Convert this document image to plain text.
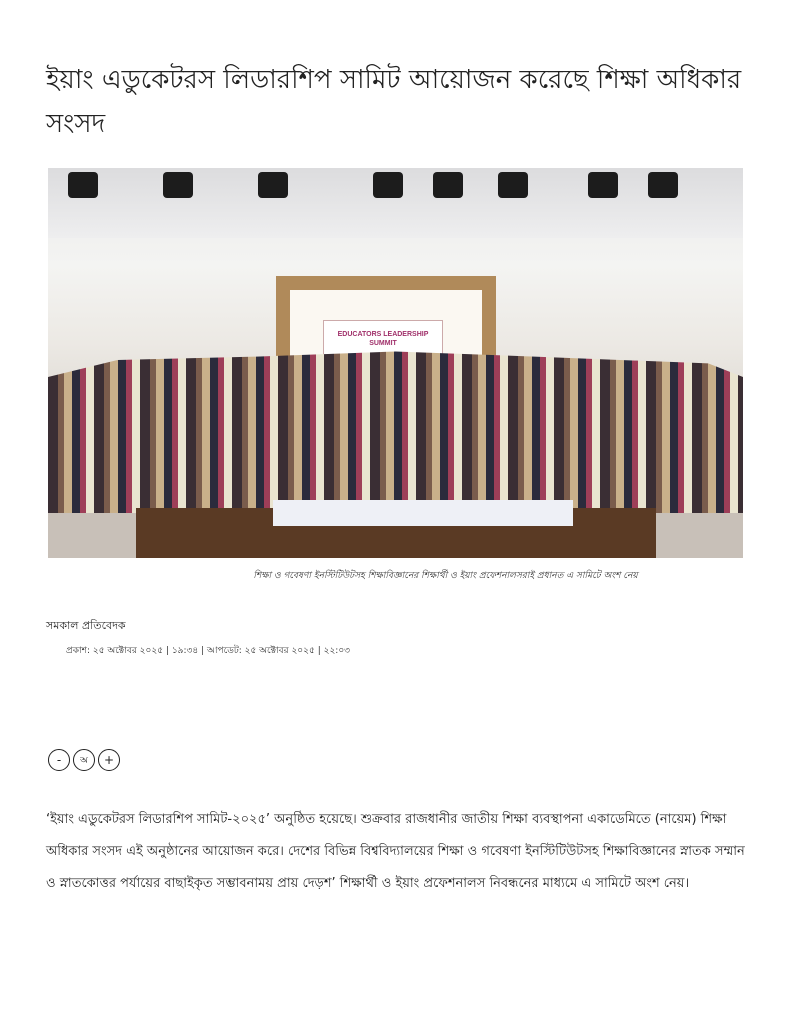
ইয়াং এডুকেটরস লিডারশিপ সামিট আয়োজন করেছে শিক্ষা অধিকার সংসদ
EDUCATORS LEADERSHIP SUMMIT
শিক্ষা ও গবেষণা ইনস্টিটিউটসহ শিক্ষাবিজ্ঞানের শিক্ষার্থী ও ইয়াং প্রফেশনালসরাই প্রধানত এ সামিটে অংশ নেয়
সমকাল প্রতিবেদক
প্রকাশ: ২৫ অক্টোবর ২০২৫ | ১৯:৩৪ | আপডেট: ২৫ অক্টোবর ২০২৫ | ২২:০৩
-	অ	+

‘ইয়াং এডুকেটরস লিডারশিপ সামিট-২০২৫’ অনুষ্ঠিত হয়েছে। শুক্রবার রাজধানীর জাতীয় শিক্ষা ব্যবস্থাপনা একাডেমিতে (নায়েম) শিক্ষা অধিকার সংসদ এই অনুষ্ঠানের আয়োজন করে। দেশের বিভিন্ন বিশ্ববিদ্যালয়ের শিক্ষা ও গবেষণা ইনস্টিটিউটসহ শিক্ষাবিজ্ঞানের স্নাতক সম্মান ও স্নাতকোত্তর পর্যায়ের বাছাইকৃত সম্ভাবনাময় প্রায় দেড়শ’ শিক্ষার্থী ও ইয়াং প্রফেশনালস নিবন্ধনের মাধ্যমে এ সামিটে অংশ নেয়।
